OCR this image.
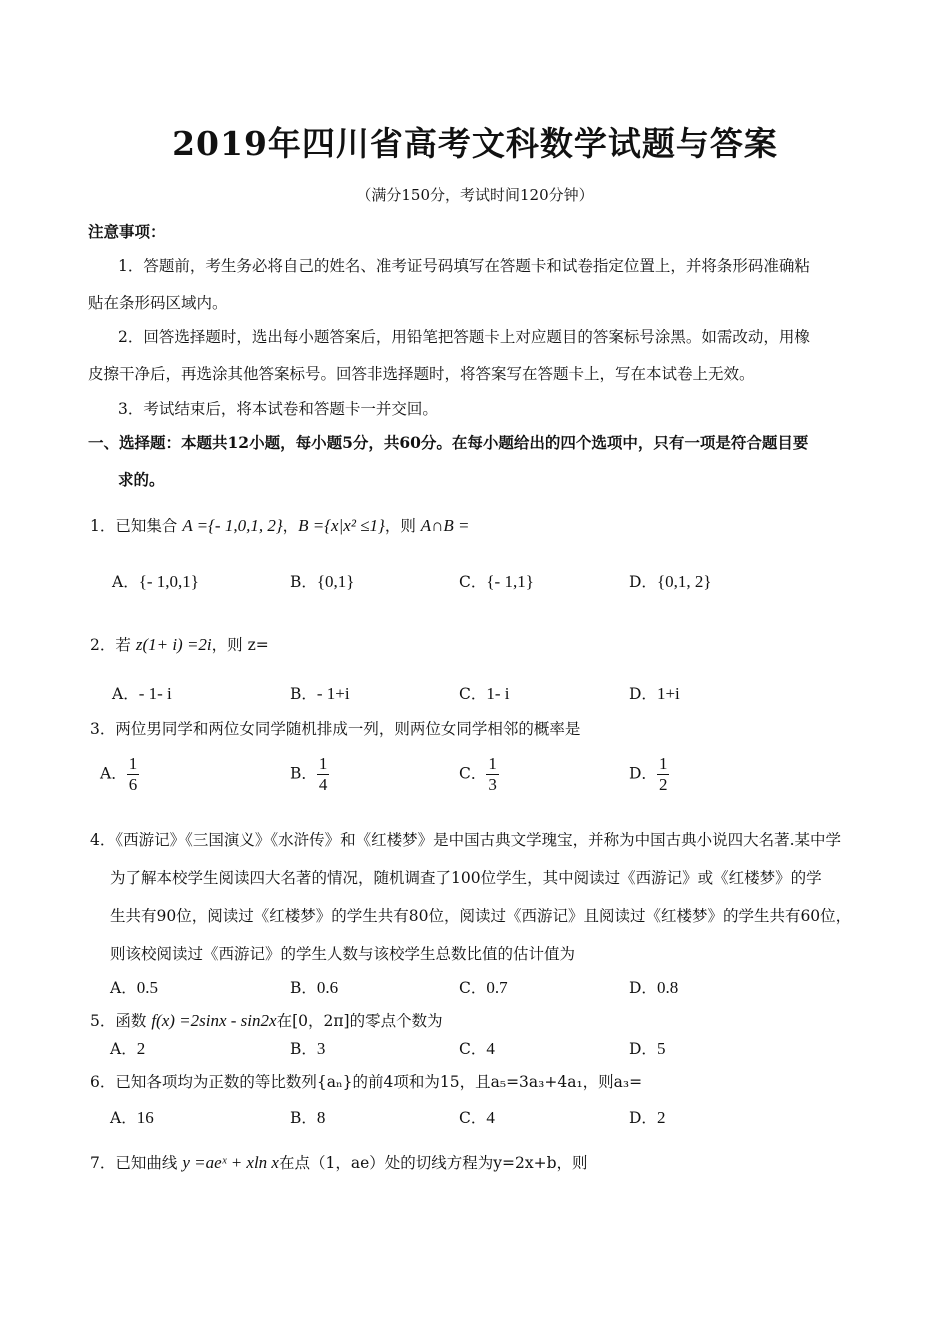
2019年四川省高考文科数学试题与答案
（满分150分，考试时间120分钟）
注意事项：
1．答题前，考生务必将自己的姓名、准考证号码填写在答题卡和试卷指定位置上，并将条形码准确粘
贴在条形码区域内。
2．回答选择题时，选出每小题答案后，用铅笔把答题卡上对应题目的答案标号涂黑。如需改动，用橡
皮擦干净后，再选涂其他答案标号。回答非选择题时，将答案写在答题卡上，写在本试卷上无效。
3．考试结束后，将本试卷和答题卡一并交回。
一、选择题：本题共12小题，每小题5分，共60分。在每小题给出的四个选项中，只有一项是符合题目要
求的。
1．已知集合 A ={- 1,0,1, 2}，B ={x|x² ≤1}，则 A∩B =
A．{- 1,0,1}	B．{0,1}	C．{- 1,1}	D．{0,1, 2}
2．若 z(1+ i) =2i，则 z=
A．- 1- i	B．- 1+i	C．1- i	D．1+i
3．两位男同学和两位女同学随机排成一列，则两位女同学相邻的概率是
A． $\frac{1}{6}$	B． $\frac{1}{4}$	C． $\frac{1}{3}$	D． $\frac{1}{2}$
4．《西游记》《三国演义》《水浒传》和《红楼梦》是中国古典文学瑰宝，并称为中国古典小说四大名著.某中学
为了解本校学生阅读四大名著的情况，随机调查了100位学生，其中阅读过《西游记》或《红楼梦》的学
生共有90位，阅读过《红楼梦》的学生共有80位，阅读过《西游记》且阅读过《红楼梦》的学生共有60位，
则该校阅读过《西游记》的学生人数与该校学生总数比值的估计值为
A．0.5	B．0.6	C．0.7	D．0.8
5．函数 f(x) =2sinx - sin2x在[0，2π]的零点个数为
A．2	B．3	C．4	D．5
6．已知各项均为正数的等比数列{aₙ}的前4项和为15，且a₅=3a₃+4a₁，则a₃=
A．16	B．8	C．4	D．2
7．已知曲线 y =aeˣ + xln x在点（1，ae）处的切线方程为y=2x+b，则
